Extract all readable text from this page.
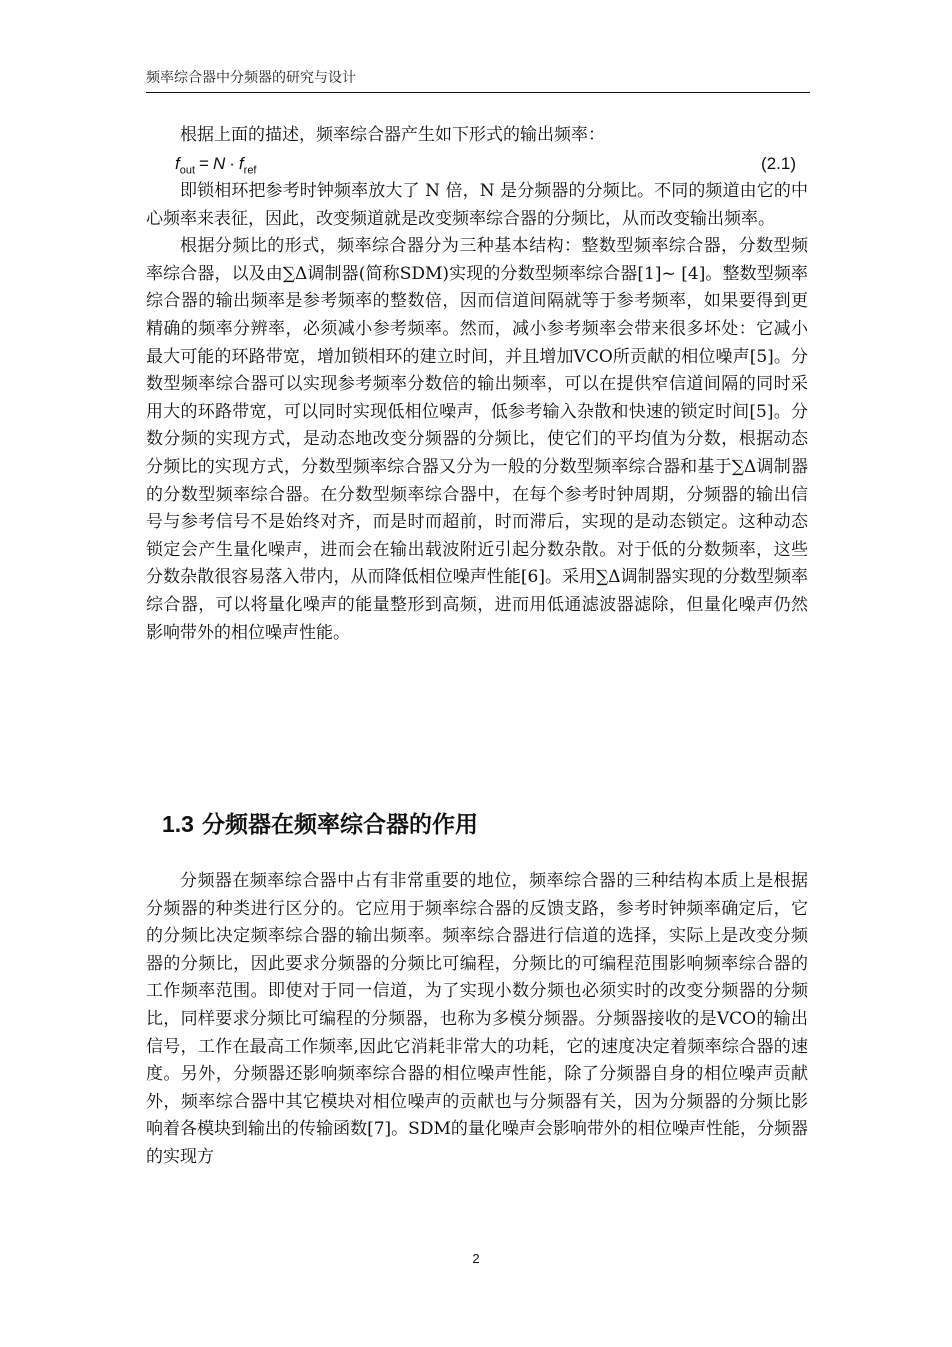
频率综合器中分频器的研究与设计

根据上面的描述，频率综合器产生如下形式的输出频率：

$f_{out} = N \cdot f_{ref}$	(2.1)

即锁相环把参考时钟频率放大了 N 倍，N 是分频器的分频比。不同的频道由它的中心频率来表征，因此，改变频道就是改变频率综合器的分频比，从而改变输出频率。

根据分频比的形式，频率综合器分为三种基本结构：整数型频率综合器，分数型频率综合器，以及由∑Δ调制器(简称SDM)实现的分数型频率综合器[1]~ [4]。整数型频率综合器的输出频率是参考频率的整数倍，因而信道间隔就等于参考频率，如果要得到更精确的频率分辨率，必须减小参考频率。然而，减小参考频率会带来很多坏处：它减小最大可能的环路带宽，增加锁相环的建立时间，并且增加VCO所贡献的相位噪声[5]。分数型频率综合器可以实现参考频率分数倍的输出频率，可以在提供窄信道间隔的同时采用大的环路带宽，可以同时实现低相位噪声，低参考输入杂散和快速的锁定时间[5]。分数分频的实现方式，是动态地改变分频器的分频比，使它们的平均值为分数，根据动态分频比的实现方式，分数型频率综合器又分为一般的分数型频率综合器和基于∑Δ调制器的分数型频率综合器。在分数型频率综合器中，在每个参考时钟周期，分频器的输出信号与参考信号不是始终对齐，而是时而超前，时而滞后，实现的是动态锁定。这种动态锁定会产生量化噪声，进而会在输出载波附近引起分数杂散。对于低的分数频率，这些分数杂散很容易落入带内，从而降低相位噪声性能[6]。采用∑Δ调制器实现的分数型频率综合器，可以将量化噪声的能量整形到高频，进而用低通滤波器滤除，但量化噪声仍然影响带外的相位噪声性能。

1.3 分频器在频率综合器的作用

分频器在频率综合器中占有非常重要的地位，频率综合器的三种结构本质上是根据分频器的种类进行区分的。它应用于频率综合器的反馈支路，参考时钟频率确定后，它的分频比决定频率综合器的输出频率。频率综合器进行信道的选择，实际上是改变分频器的分频比，因此要求分频器的分频比可编程，分频比的可编程范围影响频率综合器的工作频率范围。即使对于同一信道，为了实现小数分频也必须实时的改变分频器的分频比，同样要求分频比可编程的分频器，也称为多模分频器。分频器接收的是VCO的输出信号，工作在最高工作频率,因此它消耗非常大的功耗，它的速度决定着频率综合器的速度。另外，分频器还影响频率综合器的相位噪声性能，除了分频器自身的相位噪声贡献外，频率综合器中其它模块对相位噪声的贡献也与分频器有关，因为分频器的分频比影响着各模块到输出的传输函数[7]。SDM的量化噪声会影响带外的相位噪声性能，分频器的实现方

2
